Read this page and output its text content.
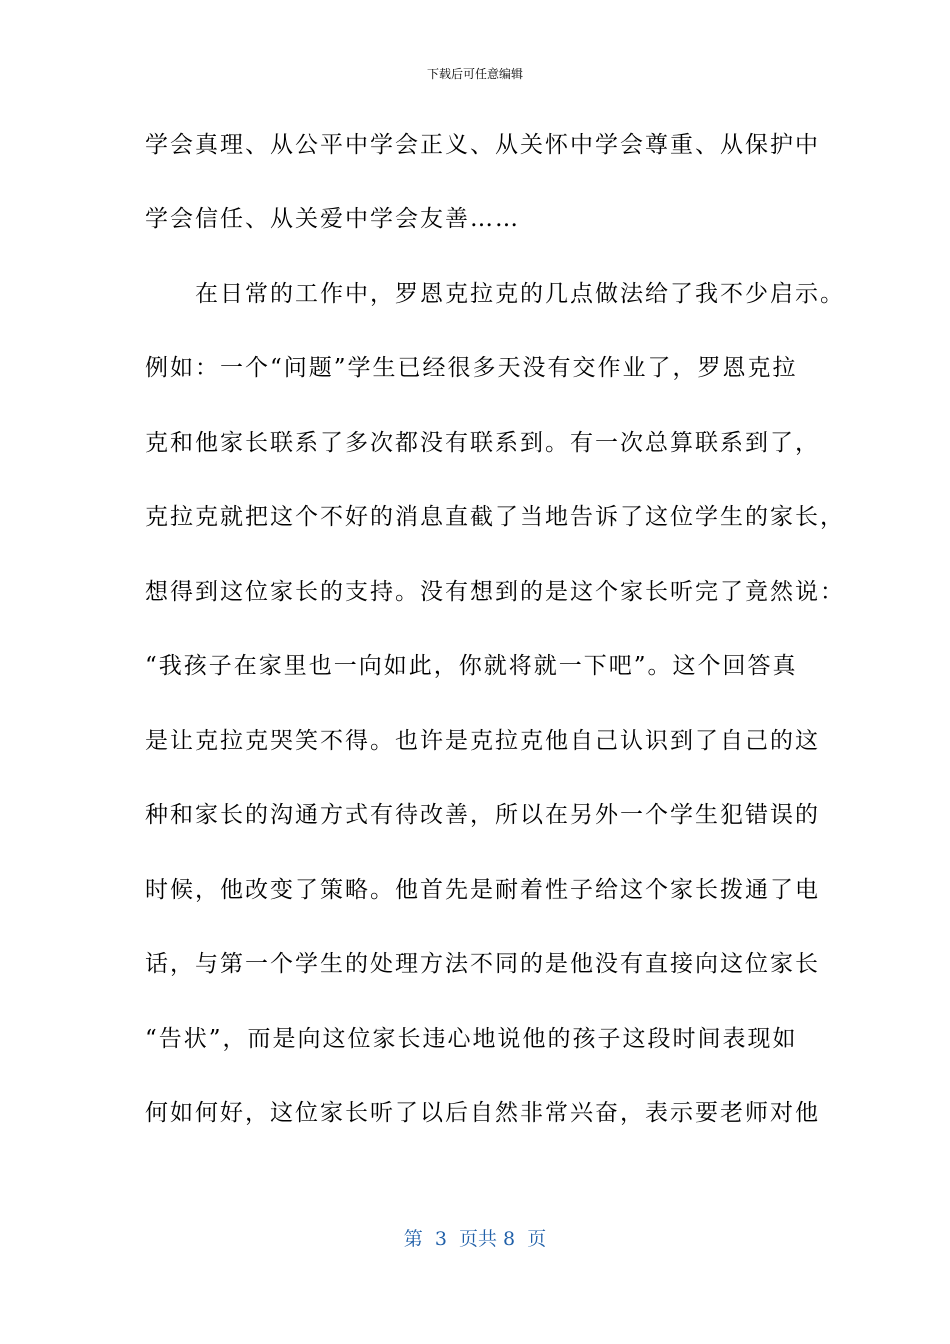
下载后可任意编辑
学会真理、从公平中学会正义、从关怀中学会尊重、从保护中
学会信任、从关爱中学会友善……
　　在日常的工作中，罗恩克拉克的几点做法给了我不少启示。
例如：一个“问题”学生已经很多天没有交作业了，罗恩克拉
克和他家长联系了多次都没有联系到。有一次总算联系到了，
克拉克就把这个不好的消息直截了当地告诉了这位学生的家长，
想得到这位家长的支持。没有想到的是这个家长听完了竟然说：
“我孩子在家里也一向如此，你就将就一下吧”。这个回答真
是让克拉克哭笑不得。也许是克拉克他自己认识到了自己的这
种和家长的沟通方式有待改善，所以在另外一个学生犯错误的
时候，他改变了策略。他首先是耐着性子给这个家长拨通了电
话，与第一个学生的处理方法不同的是他没有直接向这位家长
“告状”，而是向这位家长违心地说他的孩子这段时间表现如
何如何好，这位家长听了以后自然非常兴奋，表示要老师对他
第  3  页共 8  页
